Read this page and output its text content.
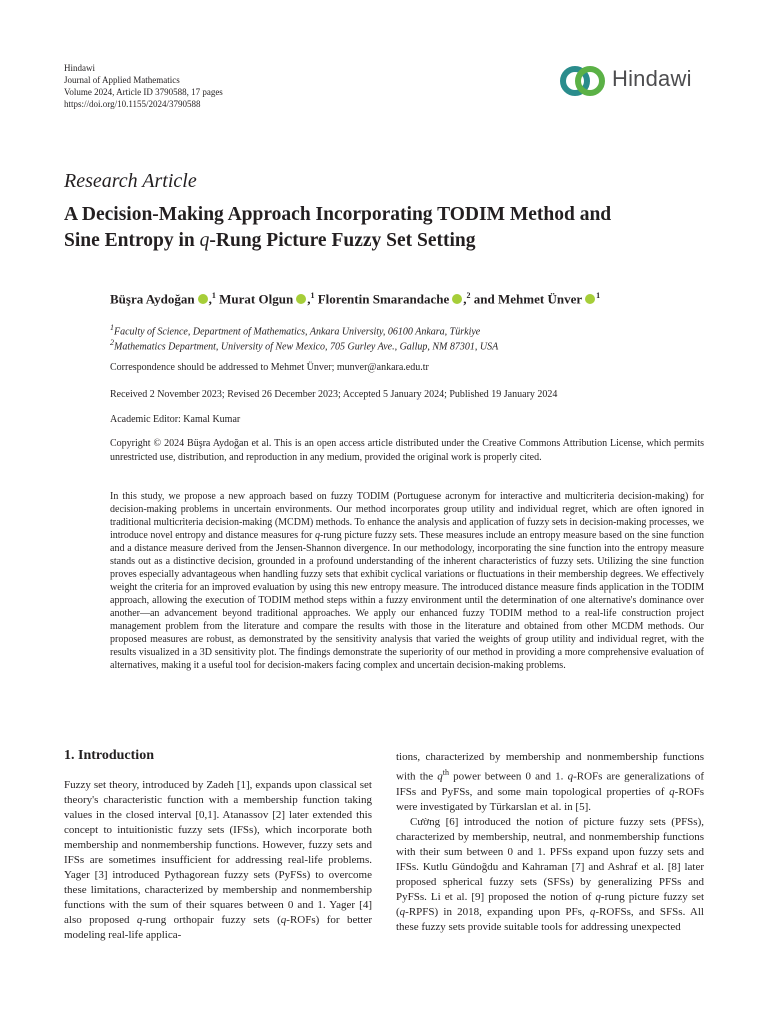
Hindawi
Journal of Applied Mathematics
Volume 2024, Article ID 3790588, 17 pages
https://doi.org/10.1155/2024/3790588
Hindawi
Research Article
A Decision-Making Approach Incorporating TODIM Method and
Sine Entropy in q-Rung Picture Fuzzy Set Setting
Büşra Aydoğan ,$^1$ Murat Olgun ,$^1$ Florentin Smarandache ,$^2$ and Mehmet Ünver $^1$
$^1$Faculty of Science, Department of Mathematics, Ankara University, 06100 Ankara, Türkiye
$^2$Mathematics Department, University of New Mexico, 705 Gurley Ave., Gallup, NM 87301, USA
Correspondence should be addressed to Mehmet Ünver; munver@ankara.edu.tr
Received 2 November 2023; Revised 26 December 2023; Accepted 5 January 2024; Published 19 January 2024
Academic Editor: Kamal Kumar
Copyright © 2024 Büşra Aydoğan et al. This is an open access article distributed under the Creative Commons Attribution License, which permits unrestricted use, distribution, and reproduction in any medium, provided the original work is properly cited.
In this study, we propose a new approach based on fuzzy TODIM (Portuguese acronym for interactive and multicriteria decision-making) for decision-making problems in uncertain environments. Our method incorporates group utility and individual regret, which are often ignored in traditional multicriteria decision-making (MCDM) methods. To enhance the analysis and application of fuzzy sets in decision-making processes, we introduce novel entropy and distance measures for q-rung picture fuzzy sets. These measures include an entropy measure based on the sine function and a distance measure derived from the Jensen-Shannon divergence. In our methodology, incorporating the sine function into the entropy measure stands out as a distinctive decision, grounded in a profound understanding of the inherent characteristics of fuzzy sets. Utilizing the sine function proves especially advantageous when handling fuzzy sets that exhibit cyclical variations or fluctuations in their membership degrees. We effectively weight the criteria for an improved evaluation by using this new entropy measure. The introduced distance measure finds application in the TODIM approach, allowing the execution of TODIM method steps within a fuzzy environment until the determination of one alternative's dominance over another—an advancement beyond traditional approaches. We apply our enhanced fuzzy TODIM method to a real-life construction project management problem from the literature and compare the results with those in the literature and obtained from other MCDM methods. Our proposed measures are robust, as demonstrated by the sensitivity analysis that varied the weights of group utility and individual regret, with the results visualized in a 3D sensitivity plot. The findings demonstrate the superiority of our method in providing a more comprehensive evaluation of alternatives, making it a useful tool for decision-makers facing complex and uncertain decision-making problems.
1. Introduction

Fuzzy set theory, introduced by Zadeh [1], expands upon classical set theory's characteristic function with a membership function taking values in the closed interval [0,1]. Atanassov [2] later extended this concept to intuitionistic fuzzy sets (IFSs), which incorporate both membership and nonmembership functions. However, fuzzy sets and IFSs are sometimes insufficient for addressing real-life problems. Yager [3] introduced Pythagorean fuzzy sets (PyFSs) to overcome these limitations, characterized by membership and nonmembership functions with the sum of their squares between 0 and 1. Yager [4] also proposed q-rung orthopair fuzzy sets (q-ROFs) for better modeling real-life applica-

tions, characterized by membership and nonmembership functions with the $q^{th}$ power between 0 and 1. q-ROFs are generalizations of IFSs and PyFSs, and some main topological properties of q-ROFs were investigated by Türkarslan et al. in [5].

Cường [6] introduced the notion of picture fuzzy sets (PFSs), characterized by membership, neutral, and nonmembership functions with their sum between 0 and 1. PFSs expand upon fuzzy sets and IFSs. Kutlu Gündoğdu and Kahraman [7] and Ashraf et al. [8] later proposed spherical fuzzy sets (SFSs) by generalizing PFSs and PyFSs. Li et al. [9] proposed the notion of q-rung picture fuzzy set (q-RPFS) in 2018, expanding upon PFs, q-ROFSs, and SFSs. All these fuzzy sets provide suitable tools for addressing unexpected
